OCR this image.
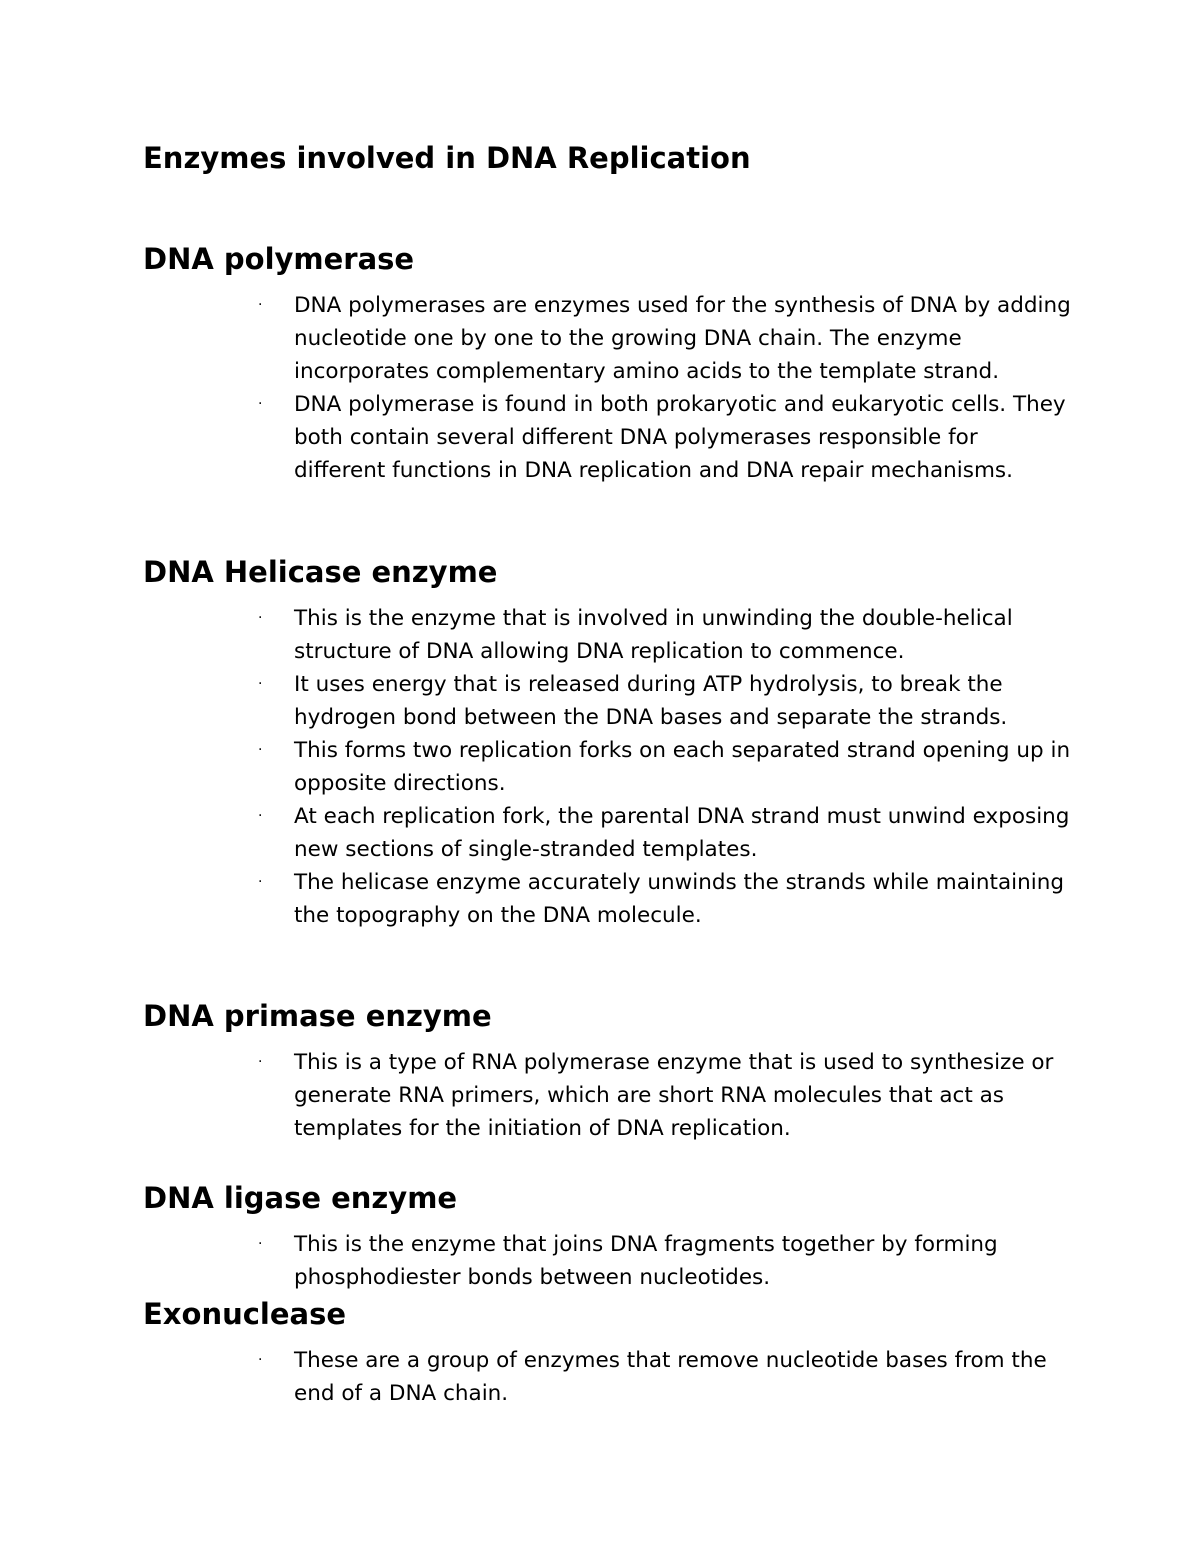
Enzymes involved in DNA Replication
DNA polymerase
· DNA polymerases are enzymes used for the synthesis of DNA by adding nucleotide one by one to the growing DNA chain. The enzyme incorporates complementary amino acids to the template strand.
· DNA polymerase is found in both prokaryotic and eukaryotic cells. They both contain several different DNA polymerases responsible for different functions in DNA replication and DNA repair mechanisms.
DNA Helicase enzyme
· This is the enzyme that is involved in unwinding the double-helical structure of DNA allowing DNA replication to commence.
· It uses energy that is released during ATP hydrolysis, to break the hydrogen bond between the DNA bases and separate the strands.
· This forms two replication forks on each separated strand opening up in opposite directions.
· At each replication fork, the parental DNA strand must unwind exposing new sections of single-stranded templates.
· The helicase enzyme accurately unwinds the strands while maintaining the topography on the DNA molecule.
DNA primase enzyme
· This is a type of RNA polymerase enzyme that is used to synthesize or generate RNA primers, which are short RNA molecules that act as templates for the initiation of DNA replication.
DNA ligase enzyme
· This is the enzyme that joins DNA fragments together by forming phosphodiester bonds between nucleotides.
Exonuclease
· These are a group of enzymes that remove nucleotide bases from the end of a DNA chain.
